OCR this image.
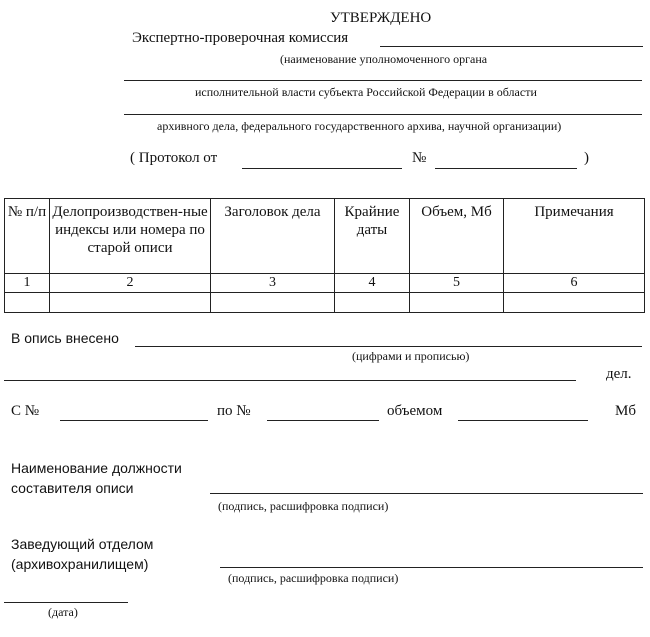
УТВЕРЖДЕНО
Экспертно-проверочная комиссия
(наименование уполномоченного органа
исполнительной власти субъекта Российской Федерации в области
архивного дела, федерального государственного архива, научной организации)
( Протокол от	№	)
№ п/п	Делопроизводствен-ные индексы или номера по старой описи	Заголовок дела	Крайние даты	Объем, Мб	Примечания
1	2	3	4	5	6

В опись внесено
(цифрами и прописью)
дел.
С №	по №	объемом	Мб
Наименование должности составителя описи
(подпись, расшифровка подписи)
Заведующий отделом (архивохранилищем)
(подпись, расшифровка подписи)
(дата)
